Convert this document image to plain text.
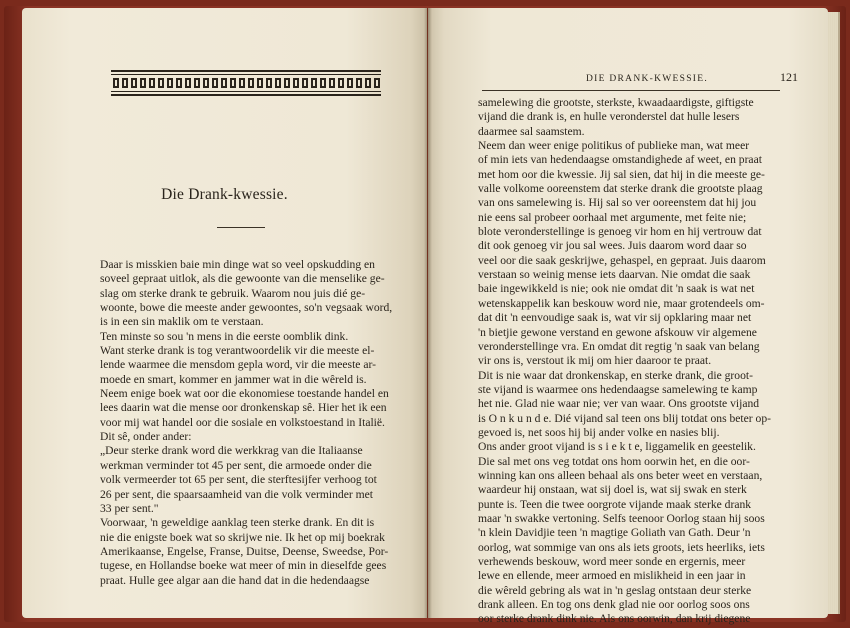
Die Drank-kwessie.
Daar is misskien baie min dinge wat so veel opskudding en
soveel gepraat uitlok, als die gewoonte van die menselike ge-
slag om sterke drank te gebruik. Waarom nou juis dié ge-
woonte, bowe die meeste ander gewoontes, so'n vegsaak word,
is in een sin maklik om te verstaan.
Ten minste so sou 'n mens in die eerste oomblik dink.
Want sterke drank is tog verantwoordelik vir die meeste el-
lende waarmee die mensdom gepla word, vir die meeste ar-
moede en smart, kommer en jammer wat in die wêreld is.
Neem enige boek wat oor die ekonomiese toestande handel en
lees daarin wat die mense oor dronkenskap sê. Hier het ik een
voor mij wat handel oor die sosiale en volkstoestand in Italië.
Dit sê, onder ander:
„Deur sterke drank word die werkkrag van die Italiaanse
werkman verminder tot 45 per sent, die armoede onder die
volk vermeerder tot 65 per sent, die sterftesijfer verhoog tot
26 per sent, die spaarsaamheid van die volk verminder met
33 per sent."
Voorwaar, 'n geweldige aanklag teen sterke drank. En dit is
nie die enigste boek wat so skrijwe nie. Ik het op mij boekrak
Amerikaanse, Engelse, Franse, Duitse, Deense, Sweedse, Por-
tugese, en Hollandse boeke wat meer of min in dieselfde gees
praat. Hulle gee algar aan die hand dat in die hedendaagse
DIE DRANK-KWESSIE.	121
samelewing die grootste, sterkste, kwaadaardigste, giftigste
vijand die drank is, en hulle veronderstel dat hulle lesers
daarmee sal saamstem.
Neem dan weer enige politikus of publieke man, wat meer
of min iets van hedendaagse omstandighede af weet, en praat
met hom oor die kwessie. Jij sal sien, dat hij in die meeste ge-
valle volkome ooreenstem dat sterke drank die grootste plaag
van ons samelewing is. Hij sal so ver ooreenstem dat hij jou
nie eens sal probeer oorhaal met argumente, met feite nie;
blote veronderstellinge is genoeg vir hom en hij vertrouw dat
dit ook genoeg vir jou sal wees. Juis daarom word daar so
veel oor die saak geskrijwe, gehaspel, en gepraat. Juis daarom
verstaan so weinig mense iets daarvan. Nie omdat die saak
baie ingewikkeld is nie; ook nie omdat dit 'n saak is wat net
wetenskappelik kan beskouw word nie, maar grotendeels om-
dat dit 'n eenvoudige saak is, wat vir sij opklaring maar net
'n bietjie gewone verstand en gewone afskouw vir algemene
veronderstellinge vra. En omdat dit regtig 'n saak van belang
vir ons is, verstout ik mij om hier daaroor te praat.
Dit is nie waar dat dronkenskap, en sterke drank, die groot-
ste vijand is waarmee ons hedendaagse samelewing te kamp
het nie. Glad nie waar nie; ver van waar. Ons grootste vijand
is O n k u n d e. Dié vijand sal teen ons blij totdat ons beter op-
gevoed is, net soos hij bij ander volke en nasies blij.
Ons ander groot vijand is s i e k t e, liggamelik en geestelik.
Die sal met ons veg totdat ons hom oorwin het, en die oor-
winning kan ons alleen behaal als ons beter weet en verstaan,
waardeur hij onstaan, wat sij doel is, wat sij swak en sterk
punte is. Teen die twee oorgrote vijande maak sterke drank
maar 'n swakke vertoning. Selfs teenoor Oorlog staan hij soos
'n klein Davidjie teen 'n magtige Goliath van Gath. Deur 'n
oorlog, wat sommige van ons als iets groots, iets heerliks, iets
verhewends beskouw, word meer sonde en ergernis, meer
lewe en ellende, meer armoed en mislikheid in een jaar in
die wêreld gebring als wat in 'n geslag ontstaan deur sterke
drank alleen. En tog ons denk glad nie oor oorlog soos ons
oor sterke drank dink nie. Als ons oorwin, dan krij diegene
